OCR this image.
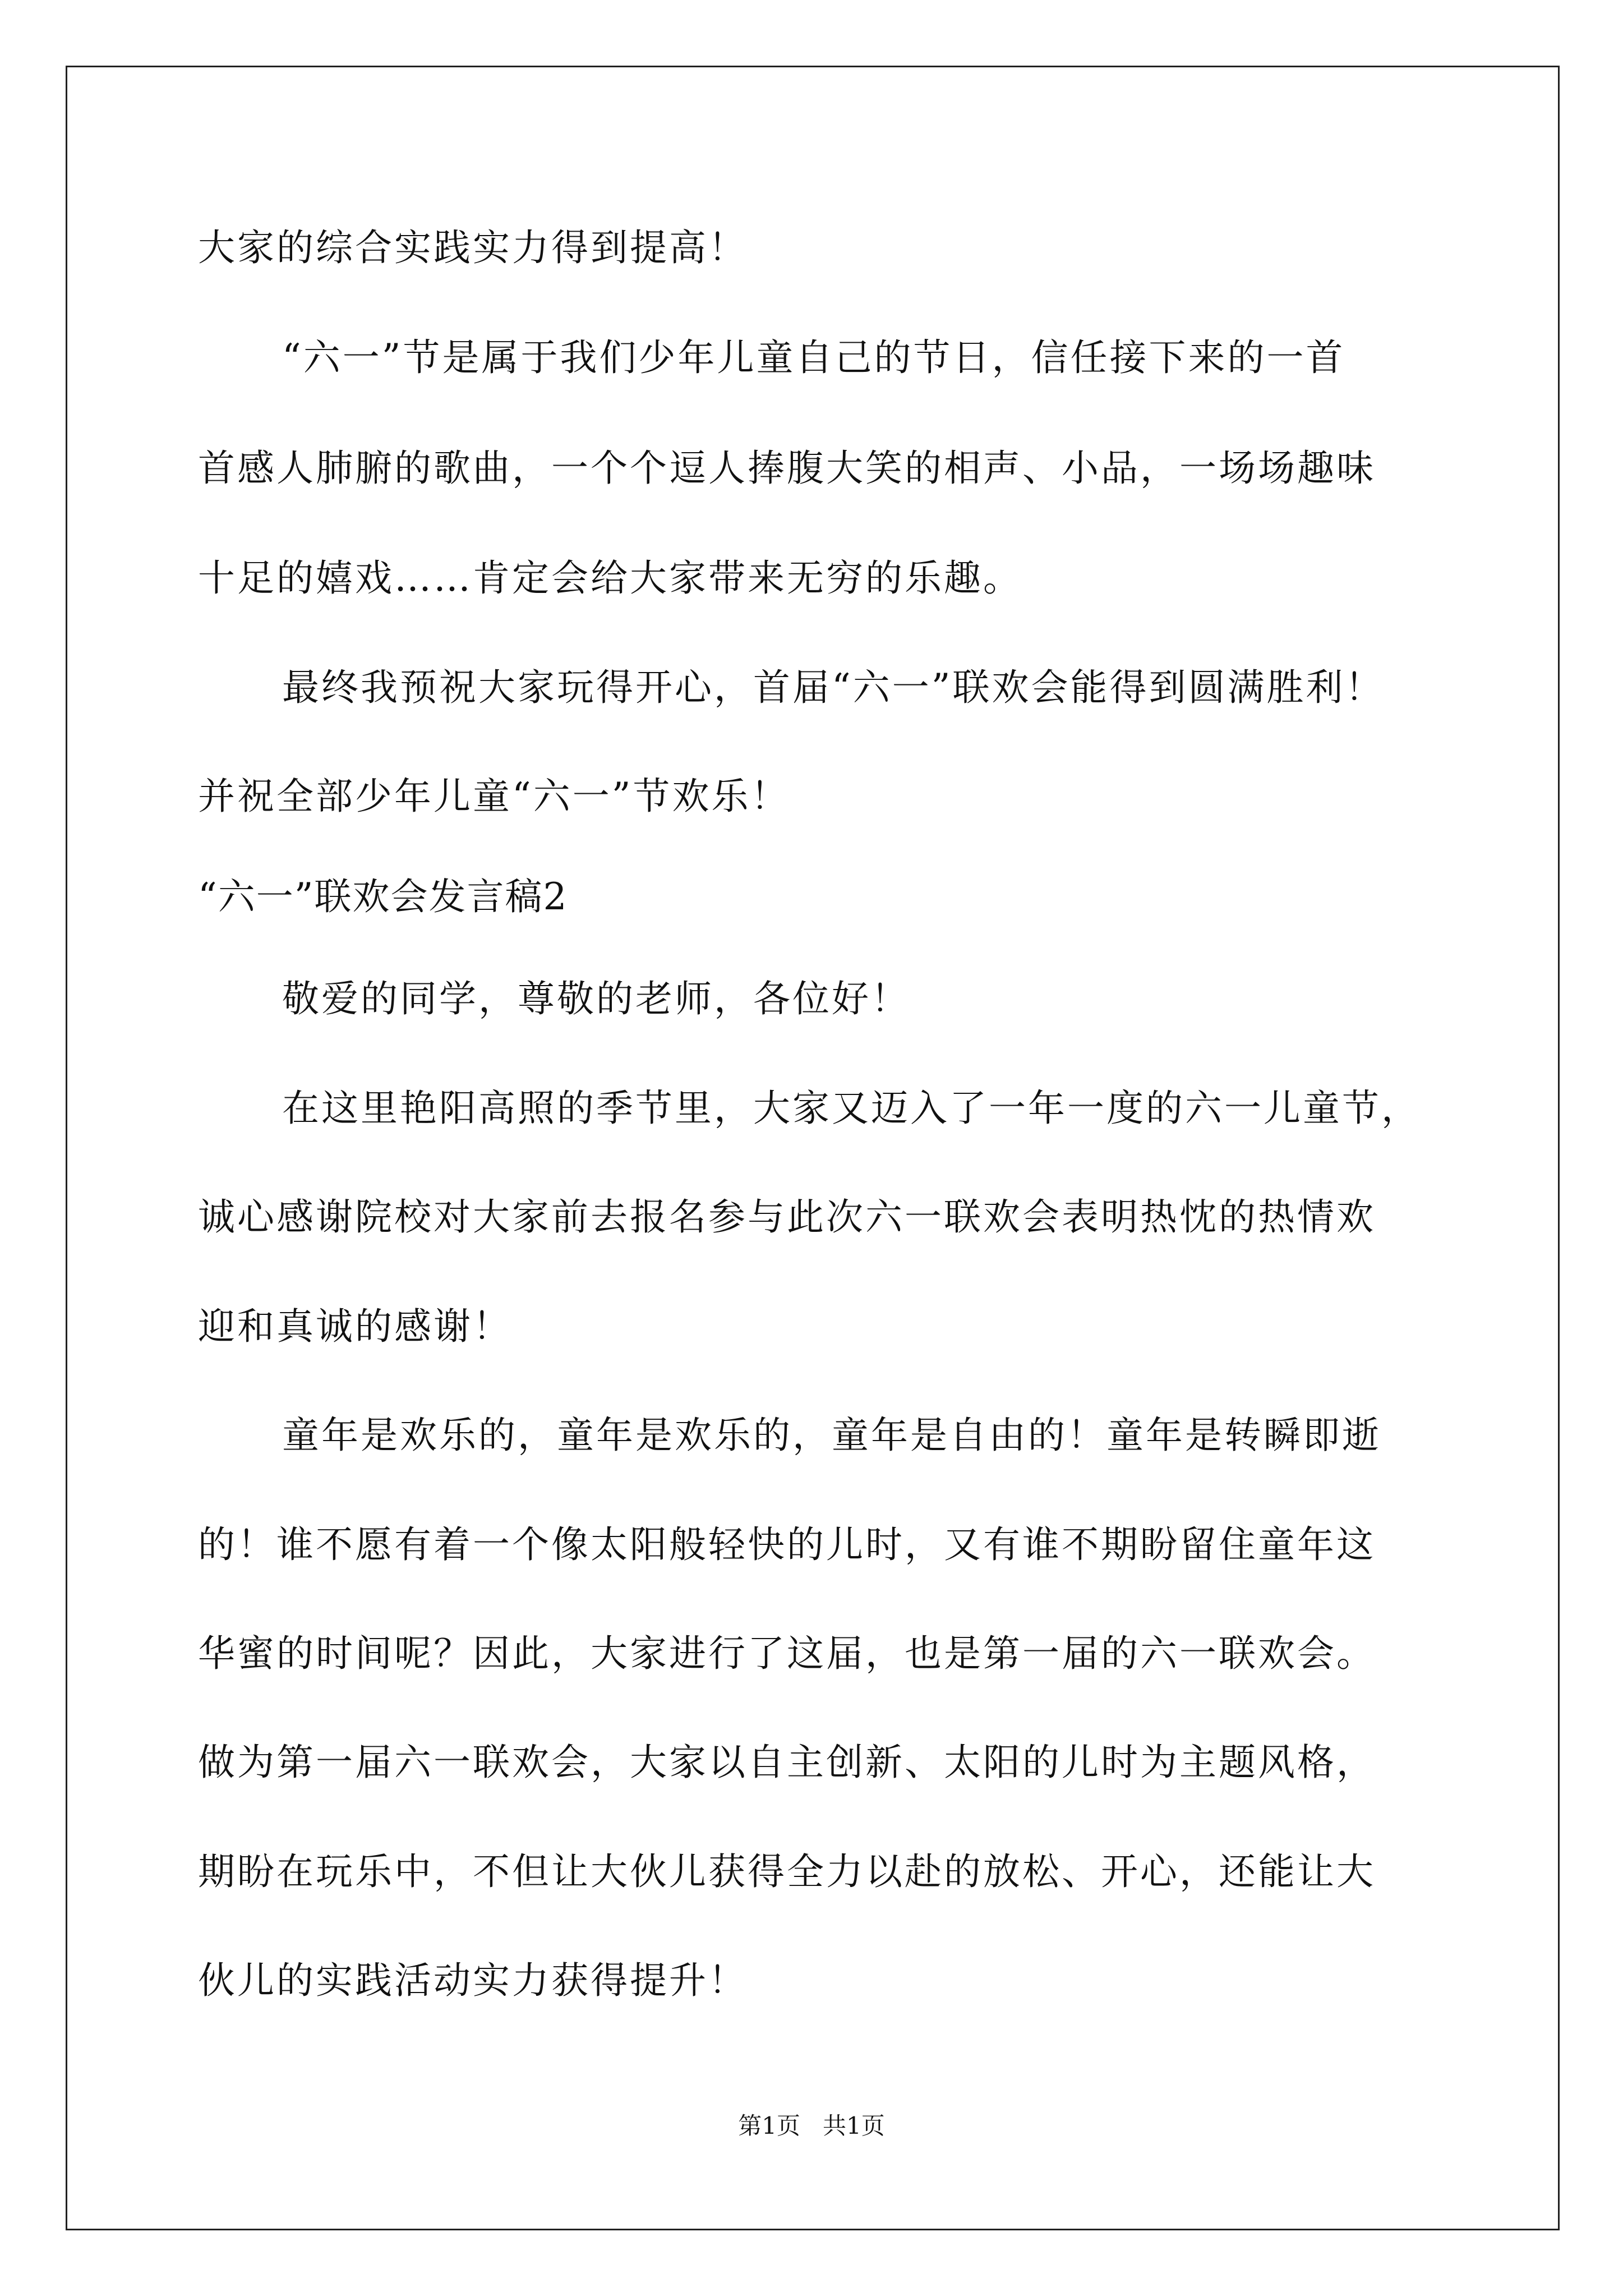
大家的综合实践实力得到提高！
“六一”节是属于我们少年儿童自己的节日，信任接下来的一首
首感人肺腑的歌曲，一个个逗人捧腹大笑的相声、小品，一场场趣味
十足的嬉戏……肯定会给大家带来无穷的乐趣。
最终我预祝大家玩得开心，首届“六一”联欢会能得到圆满胜利！
并祝全部少年儿童“六一”节欢乐！
“六一”联欢会发言稿2
敬爱的同学，尊敬的老师，各位好！
在这里艳阳高照的季节里，大家又迈入了一年一度的六一儿童节，
诚心感谢院校对大家前去报名参与此次六一联欢会表明热忱的热情欢
迎和真诚的感谢！
童年是欢乐的，童年是欢乐的，童年是自由的！童年是转瞬即逝
的！谁不愿有着一个像太阳般轻快的儿时，又有谁不期盼留住童年这
华蜜的时间呢？因此，大家进行了这届，也是第一届的六一联欢会。
做为第一届六一联欢会，大家以自主创新、太阳的儿时为主题风格，
期盼在玩乐中，不但让大伙儿获得全力以赴的放松、开心，还能让大
伙儿的实践活动实力获得提升！
第1页   共1页
